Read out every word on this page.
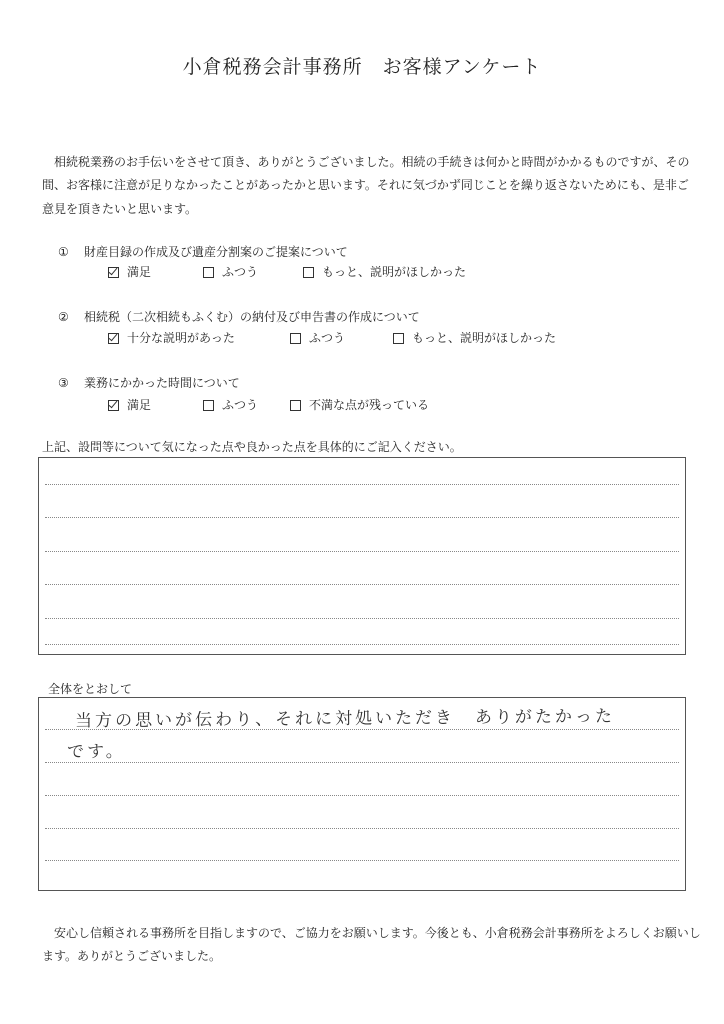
小倉税務会計事務所　お客様アンケート
　相続税業務のお手伝いをさせて頂き、ありがとうございました。相続の手続きは何かと時間がかかるものですが、その間、お客様に注意が足りなかったことがあったかと思います。それに気づかず同じことを繰り返さないためにも、是非ご意見を頂きたいと思います。
① 財産目録の作成及び遺産分割案のご提案について
満足	ふつう	もっと、説明がほしかった
② 相続税（二次相続もふくむ）の納付及び申告書の作成について
十分な説明があった	ふつう	もっと、説明がほしかった
③ 業務にかかった時間について
満足	ふつう	不満な点が残っている
上記、設問等について気になった点や良かった点を具体的にご記入ください。
全体をとおして
当方の思いが伝わり、それに対処いただき　ありがたかった
です。
　安心し信頼される事務所を目指しますので、ご協力をお願いします。今後とも、小倉税務会計事務所をよろしくお願いします。ありがとうございました。
